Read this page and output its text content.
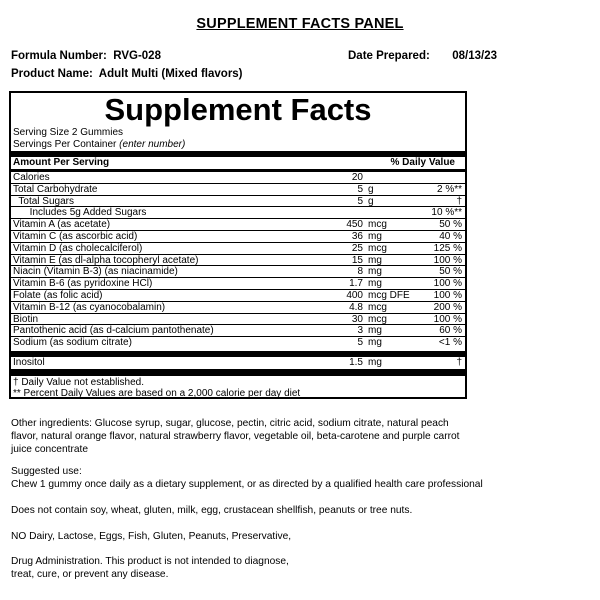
SUPPLEMENT FACTS PANEL
Formula Number: RVG-028	Date Prepared: 08/13/23
Product Name: Adult Multi (Mixed flavors)
Supplement Facts
Serving Size 2 Gummies
Servings Per Container (enter number)
Amount Per Serving	% Daily Value
Calories	20
Total Carbohydrate	5 g	2 %**
Total Sugars	5 g	†
Includes 5g Added Sugars	10 %**
Vitamin A (as acetate)	450 mcg	50 %
Vitamin C (as ascorbic acid)	36 mg	40 %
Vitamin D (as cholecalciferol)	25 mcg	125 %
Vitamin E (as dl-alpha tocopheryl acetate)	15 mg	100 %
Niacin (Vitamin B-3) (as niacinamide)	8 mg	50 %
Vitamin B-6 (as pyridoxine HCl)	1.7 mg	100 %
Folate (as folic acid)	400 mcg DFE	100 %
Vitamin B-12 (as cyanocobalamin)	4.8 mcg	200 %
Biotin	30 mcg	100 %
Pantothenic acid (as d-calcium pantothenate)	3 mg	60 %
Sodium (as sodium citrate)	5 mg	<1 %
Inositol	1.5 mg	†
† Daily Value not established.
** Percent Daily Values are based on a 2,000 calorie per day diet
Other ingredients: Glucose syrup, sugar, glucose, pectin, citric acid, sodium citrate, natural peach
flavor, natural orange flavor, natural strawberry flavor, vegetable oil, beta-carotene and purple carrot
juice concentrate
Suggested use:
Chew 1 gummy once daily as a dietary supplement, or as directed by a qualified health care professional
Does not contain soy, wheat, gluten, milk, egg, crustacean shellfish, peanuts or tree nuts.
NO Dairy, Lactose, Eggs, Fish, Gluten, Peanuts, Preservative,
Drug Administration. This product is not intended to diagnose,
treat, cure, or prevent any disease.
